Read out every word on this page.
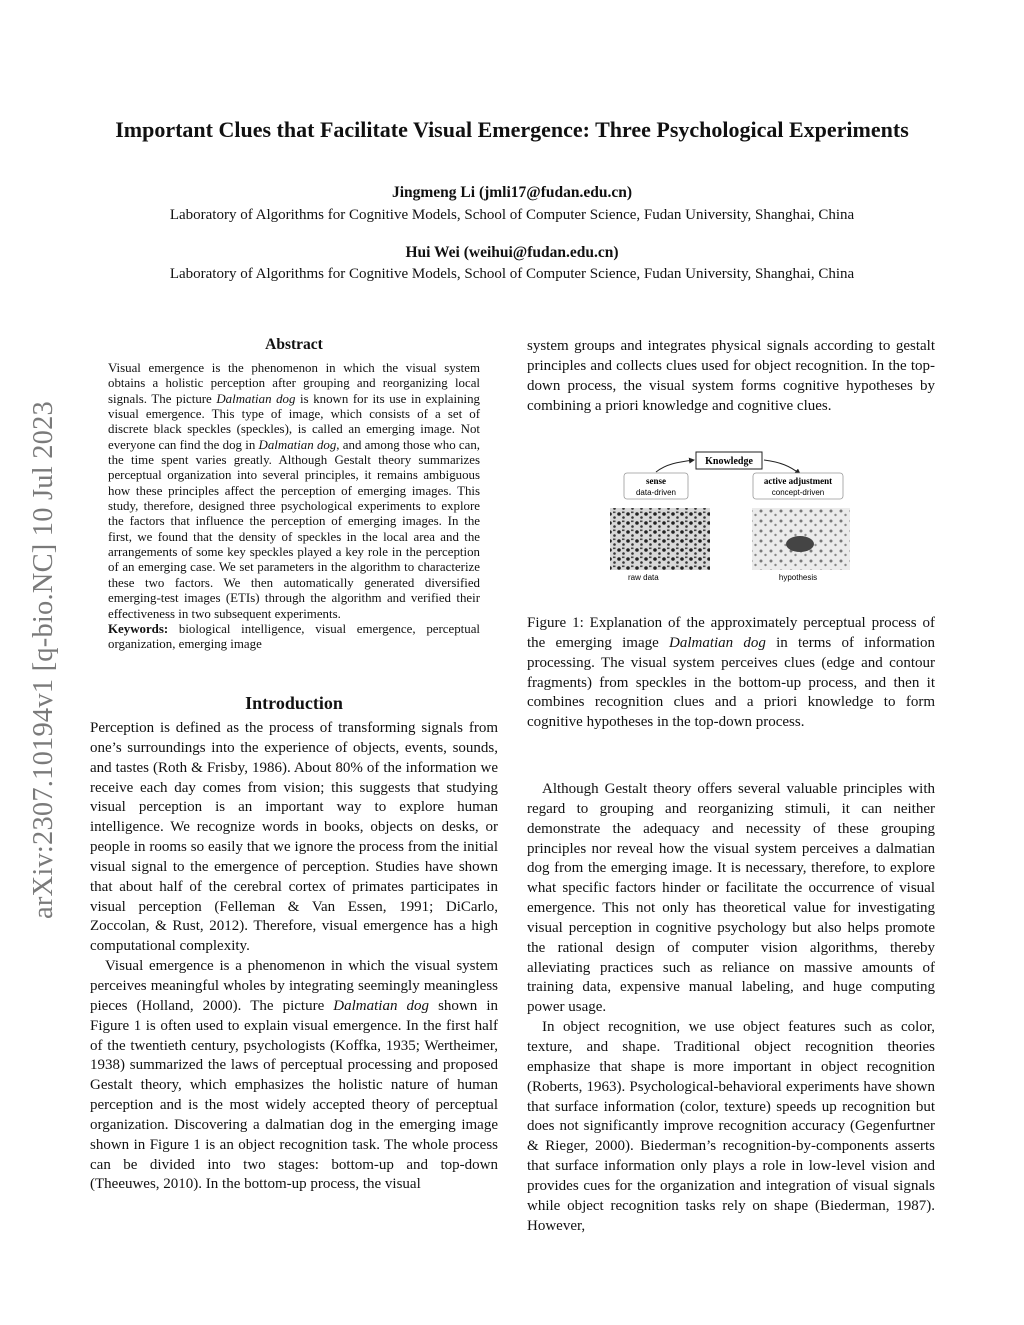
Important Clues that Facilitate Visual Emergence: Three Psychological Experiments
Jingmeng Li (jmli17@fudan.edu.cn)
Laboratory of Algorithms for Cognitive Models, School of Computer Science, Fudan University, Shanghai, China
Hui Wei (weihui@fudan.edu.cn)
Laboratory of Algorithms for Cognitive Models, School of Computer Science, Fudan University, Shanghai, China
arXiv:2307.10194v1 [q-bio.NC] 10 Jul 2023
Abstract

Visual emergence is the phenomenon in which the visual system obtains a holistic perception after grouping and reorganizing local signals. The picture Dalmatian dog is known for its use in explaining visual emergence. This type of image, which consists of a set of discrete black speckles (speckles), is called an emerging image. Not everyone can find the dog in Dalmatian dog, and among those who can, the time spent varies greatly. Although Gestalt theory summarizes perceptual organization into several principles, it remains ambiguous how these principles affect the perception of emerging images. This study, therefore, designed three psychological experiments to explore the factors that influence the perception of emerging images. In the first, we found that the density of speckles in the local area and the arrangements of some key speckles played a key role in the perception of an emerging case. We set parameters in the algorithm to characterize these two factors. We then automatically generated diversified emerging-test images (ETIs) through the algorithm and verified their effectiveness in two subsequent experiments.

Keywords: biological intelligence, visual emergence, perceptual organization, emerging image

Introduction

Perception is defined as the process of transforming signals from one’s surroundings into the experience of objects, events, sounds, and tastes (Roth & Frisby, 1986). About 80% of the information we receive each day comes from vision; this suggests that studying visual perception is an important way to explore human intelligence. We recognize words in books, objects on desks, or people in rooms so easily that we ignore the process from the initial visual signal to the emergence of perception. Studies have shown that about half of the cerebral cortex of primates participates in visual perception (Felleman & Van Essen, 1991; DiCarlo, Zoccolan, & Rust, 2012). Therefore, visual emergence has a high computational complexity.

Visual emergence is a phenomenon in which the visual system perceives meaningful wholes by integrating seemingly meaningless pieces (Holland, 2000). The picture Dalmatian dog shown in Figure 1 is often used to explain visual emergence. In the first half of the twentieth century, psychologists (Koffka, 1935; Wertheimer, 1938) summarized the laws of perceptual processing and proposed Gestalt theory, which emphasizes the holistic nature of human perception and is the most widely accepted theory of perceptual organization. Discovering a dalmatian dog in the emerging image shown in Figure 1 is an object recognition task. The whole process can be divided into two stages: bottom-up and top-down (Theeuwes, 2010). In the bottom-up process, the visual

system groups and integrates physical signals according to gestalt principles and collects clues used for object recognition. In the top-down process, the visual system forms cognitive hypotheses by combining a priori knowledge and cognitive clues.

Knowledge
sense
data-driven
active adjustment
concept-driven
raw data	hypothesis
Figure 1: Explanation of the approximately perceptual process of the emerging image Dalmatian dog in terms of information processing. The visual system perceives clues (edge and contour fragments) from speckles in the bottom-up process, and then it combines recognition clues and a priori knowledge to form cognitive hypotheses in the top-down process.

Although Gestalt theory offers several valuable principles with regard to grouping and reorganizing stimuli, it can neither demonstrate the adequacy and necessity of these grouping principles nor reveal how the visual system perceives a dalmatian dog from the emerging image. It is necessary, therefore, to explore what specific factors hinder or facilitate the occurrence of visual emergence. This not only has theoretical value for investigating visual perception in cognitive psychology but also helps promote the rational design of computer vision algorithms, thereby alleviating practices such as reliance on massive amounts of training data, expensive manual labeling, and huge computing power usage.

In object recognition, we use object features such as color, texture, and shape. Traditional object recognition theories emphasize that shape is more important in object recognition (Roberts, 1963). Psychological-behavioral experiments have shown that surface information (color, texture) speeds up recognition but does not significantly improve recognition accuracy (Gegenfurtner & Rieger, 2000). Biederman’s recognition-by-components asserts that surface information only plays a role in low-level vision and provides cues for the organization and integration of visual signals while object recognition tasks rely on shape (Biederman, 1987). However,
